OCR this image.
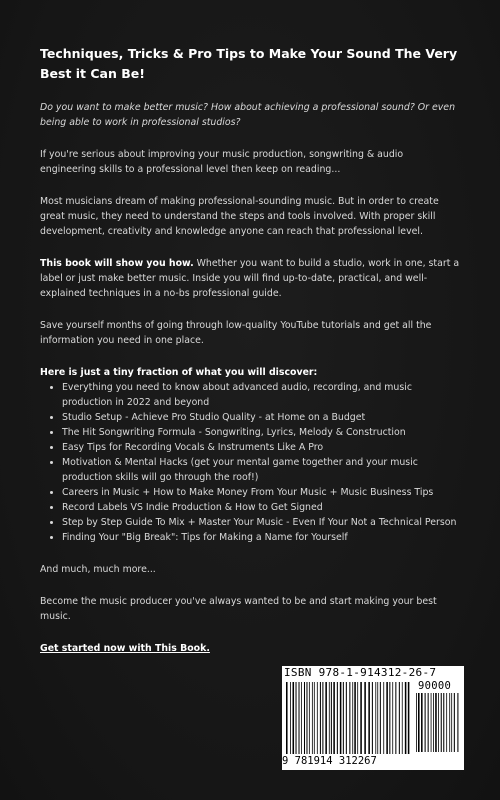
Techniques, Tricks & Pro Tips to Make Your Sound The Very Best it Can Be!

Do you want to make better music? How about achieving a professional sound? Or even being able to work in professional studios?

If you're serious about improving your music production, songwriting & audio engineering skills to a professional level then keep on reading...

Most musicians dream of making professional-sounding music. But in order to create great music, they need to understand the steps and tools involved. With proper skill development, creativity and knowledge anyone can reach that professional level.

This book will show you how. Whether you want to build a studio, work in one, start a label or just make better music. Inside you will find up-to-date, practical, and well-explained techniques in a no-bs professional guide.

Save yourself months of going through low-quality YouTube tutorials and get all the information you need in one place.

Here is just a tiny fraction of what you will discover:
• Everything you need to know about advanced audio, recording, and music production in 2022 and beyond
• Studio Setup - Achieve Pro Studio Quality - at Home on a Budget
• The Hit Songwriting Formula - Songwriting, Lyrics, Melody & Construction
• Easy Tips for Recording Vocals & Instruments Like A Pro
• Motivation & Mental Hacks (get your mental game together and your music production skills will go through the roof!)
• Careers in Music + How to Make Money From Your Music + Music Business Tips
• Record Labels VS Indie Production & How to Get Signed
• Step by Step Guide To Mix + Master Your Music - Even If Your Not a Technical Person
• Finding Your "Big Break": Tips for Making a Name for Yourself

And much, much more...

Become the music producer you've always wanted to be and start making your best music.

Get started now with This Book.
ISBN 978-1-914312-26-7
90000
9 781914 312267
